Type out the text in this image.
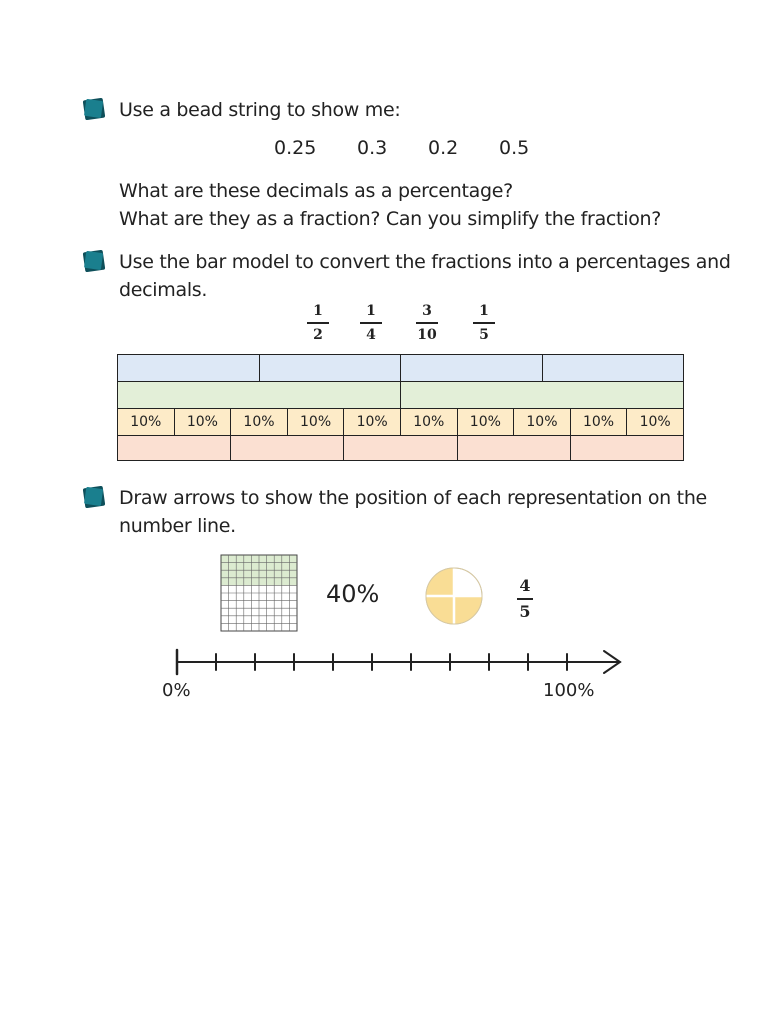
Use a bead string to show me:
0.25 0.3 0.2 0.5
What are these decimals as a percentage?
What are they as a fraction? Can you simplify the fraction?
Use the bar model to convert the fractions into a percentages and
decimals.
1
2
1
4
3
10
1
5
10%	10%	10%	10%	10%	10%	10%	10%	10%	10%
Draw arrows to show the position of each representation on the
number line.
40%	4
5
0%	100%
